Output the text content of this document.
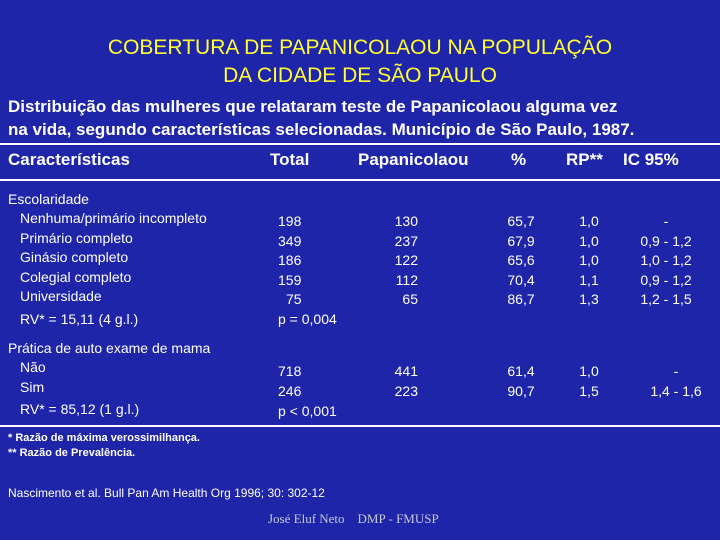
COBERTURA DE PAPANICOLAOU NA POPULAÇÃO
DA CIDADE DE SÃO PAULO
Distribuição das mulheres que relataram teste de Papanicolaou alguma vez
na vida, segundo características selecionadas. Município de São Paulo, 1987.
Características	Total	Papanicolaou % RP** IC 95%
Escolaridade
Nenhuma/primário incompleto
Primário completo
Ginásio completo
Colegial completo
Universidade
RV* = 15,11 (4 g.l.)
198
349
186
159
75
p = 0,004
130
237
122
112
65
65,7
67,9
65,6
70,4
86,7
1,0
1,0
1,0
1,1
1,3
-
0,9 - 1,2
1,0 - 1,2
0,9 - 1,2
1,2 - 1,5
Prática de auto exame de mama
Não
Sim
RV* = 85,12 (1 g.l.)
718
246
p < 0,001
441
223
61,4
90,7
1,0
1,5
-
1,4 - 1,6
* Razão de máxima verossimilhança.
** Razão de Prevalência.
Nascimento et al. Bull Pan Am Health Org 1996; 30: 302-12
José Eluf Neto    DMP - FMUSP
